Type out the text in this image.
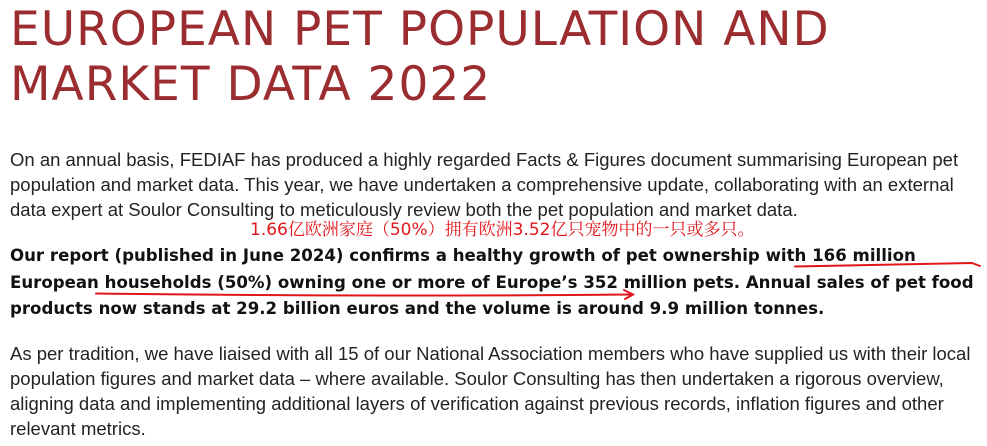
EUROPEAN PET POPULATION AND
MARKET DATA 2022

On an annual basis, FEDIAF has produced a highly regarded Facts & Figures document summarising European pet population and market data. This year, we have undertaken a comprehensive update, collaborating with an external data expert at Soulor Consulting to meticulously review both the pet population and market data.

1.66亿欧洲家庭（50%）拥有欧洲3.52亿只宠物中的一只或多只。

Our report (published in June 2024) confirms a healthy growth of pet ownership with 166 million European households (50%) owning one or more of Europe’s 352 million pets. Annual sales of pet food products now stands at 29.2 billion euros and the volume is around 9.9 million tonnes.

As per tradition, we have liaised with all 15 of our National Association members who have supplied us with their local population figures and market data – where available. Soulor Consulting has then undertaken a rigorous overview, aligning data and implementing additional layers of verification against previous records, inflation figures and other relevant metrics.
